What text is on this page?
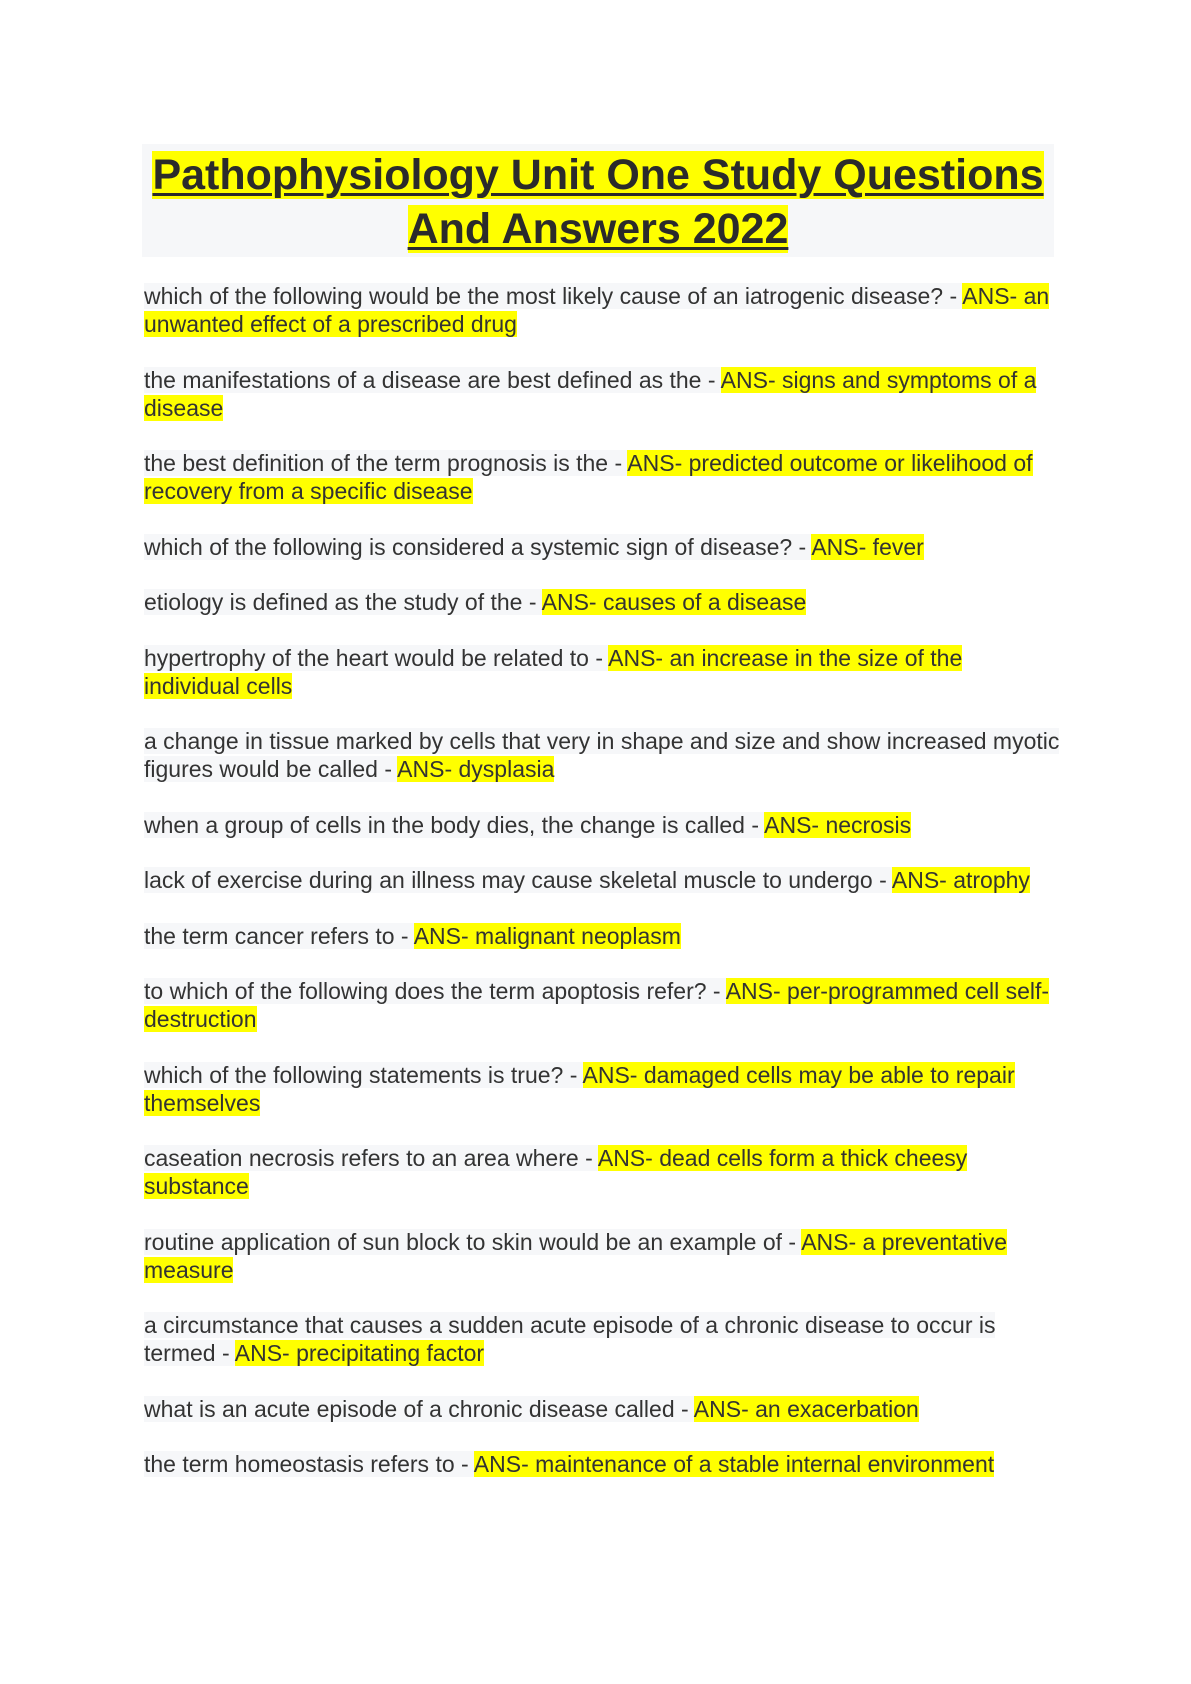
Pathophysiology Unit One Study Questions And Answers 2022

which of the following would be the most likely cause of an iatrogenic disease? - ANS- an unwanted effect of a prescribed drug

the manifestations of a disease are best defined as the - ANS- signs and symptoms of a disease

the best definition of the term prognosis is the - ANS- predicted outcome or likelihood of recovery from a specific disease

which of the following is considered a systemic sign of disease? - ANS- fever

etiology is defined as the study of the - ANS- causes of a disease

hypertrophy of the heart would be related to - ANS- an increase in the size of the individual cells

a change in tissue marked by cells that very in shape and size and show increased myotic figures would be called - ANS- dysplasia

when a group of cells in the body dies, the change is called - ANS- necrosis

lack of exercise during an illness may cause skeletal muscle to undergo - ANS- atrophy

the term cancer refers to - ANS- malignant neoplasm

to which of the following does the term apoptosis refer? - ANS- per-programmed cell self-destruction

which of the following statements is true? - ANS- damaged cells may be able to repair themselves

caseation necrosis refers to an area where - ANS- dead cells form a thick cheesy substance

routine application of sun block to skin would be an example of - ANS- a preventative measure

a circumstance that causes a sudden acute episode of a chronic disease to occur is termed - ANS- precipitating factor

what is an acute episode of a chronic disease called - ANS- an exacerbation

the term homeostasis refers to - ANS- maintenance of a stable internal environment
